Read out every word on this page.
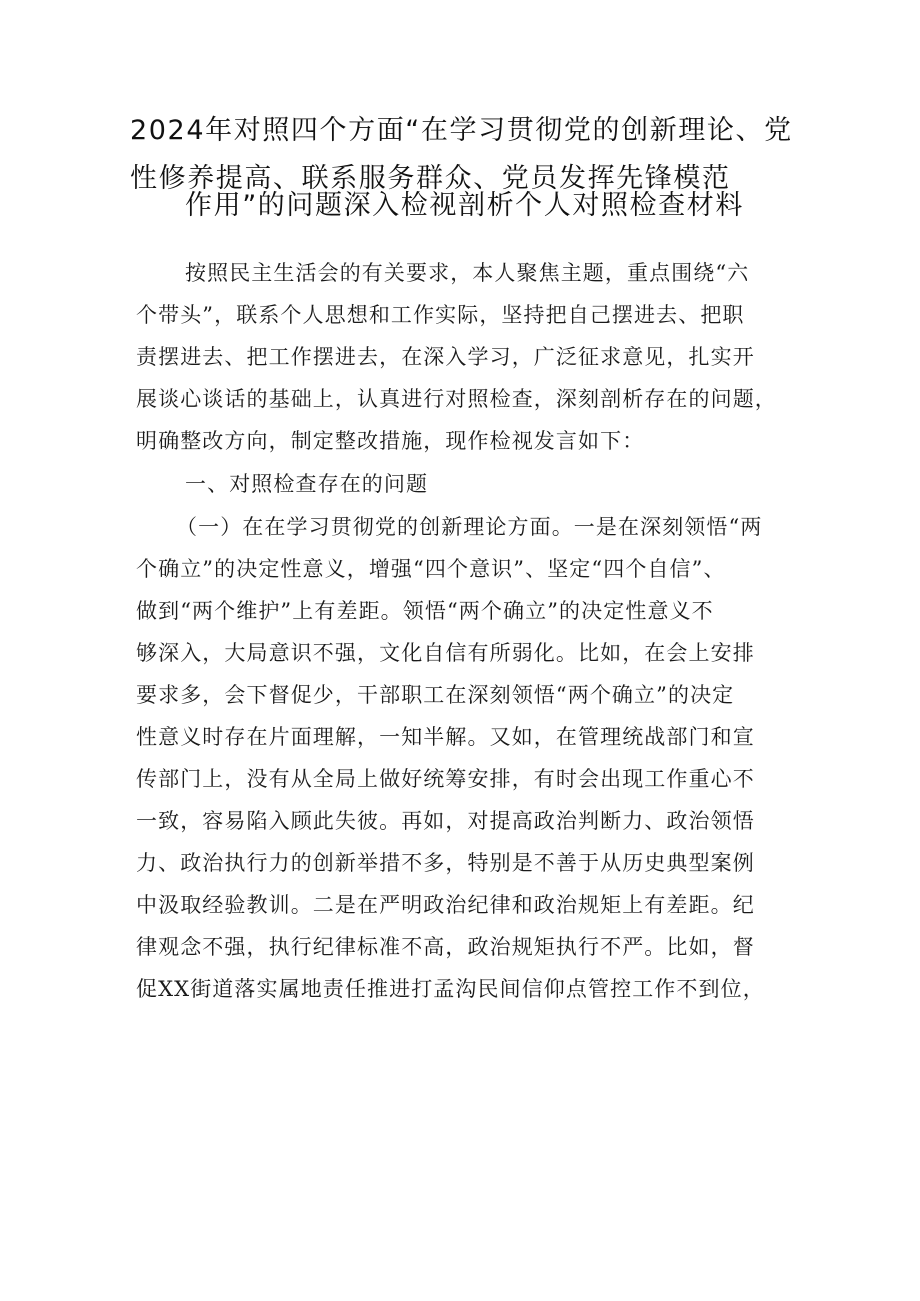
2024年对照四个方面“在学习贯彻党的创新理论、党
性修养提高、联系服务群众、党员发挥先锋模范
作用”的问题深入检视剖析个人对照检查材料
按照民主生活会的有关要求，本人聚焦主题，重点围绕“六
个带头”，联系个人思想和工作实际，坚持把自己摆进去、把职
责摆进去、把工作摆进去，在深入学习，广泛征求意见，扎实开
展谈心谈话的基础上，认真进行对照检查，深刻剖析存在的问题，
明确整改方向，制定整改措施，现作检视发言如下：
一、对照检查存在的问题
（一）在在学习贯彻党的创新理论方面。一是在深刻领悟“两
个确立”的决定性意义，增强“四个意识”、坚定“四个自信”、
做到“两个维护”上有差距。领悟“两个确立”的决定性意义不
够深入，大局意识不强，文化自信有所弱化。比如，在会上安排
要求多，会下督促少，干部职工在深刻领悟“两个确立”的决定
性意义时存在片面理解，一知半解。又如，在管理统战部门和宣
传部门上，没有从全局上做好统筹安排，有时会出现工作重心不
一致，容易陷入顾此失彼。再如，对提高政治判断力、政治领悟
力、政治执行力的创新举措不多，特别是不善于从历史典型案例
中汲取经验教训。二是在严明政治纪律和政治规矩上有差距。纪
律观念不强，执行纪律标准不高，政治规矩执行不严。比如，督
促XX街道落实属地责任推进打孟沟民间信仰点管控工作不到位，
